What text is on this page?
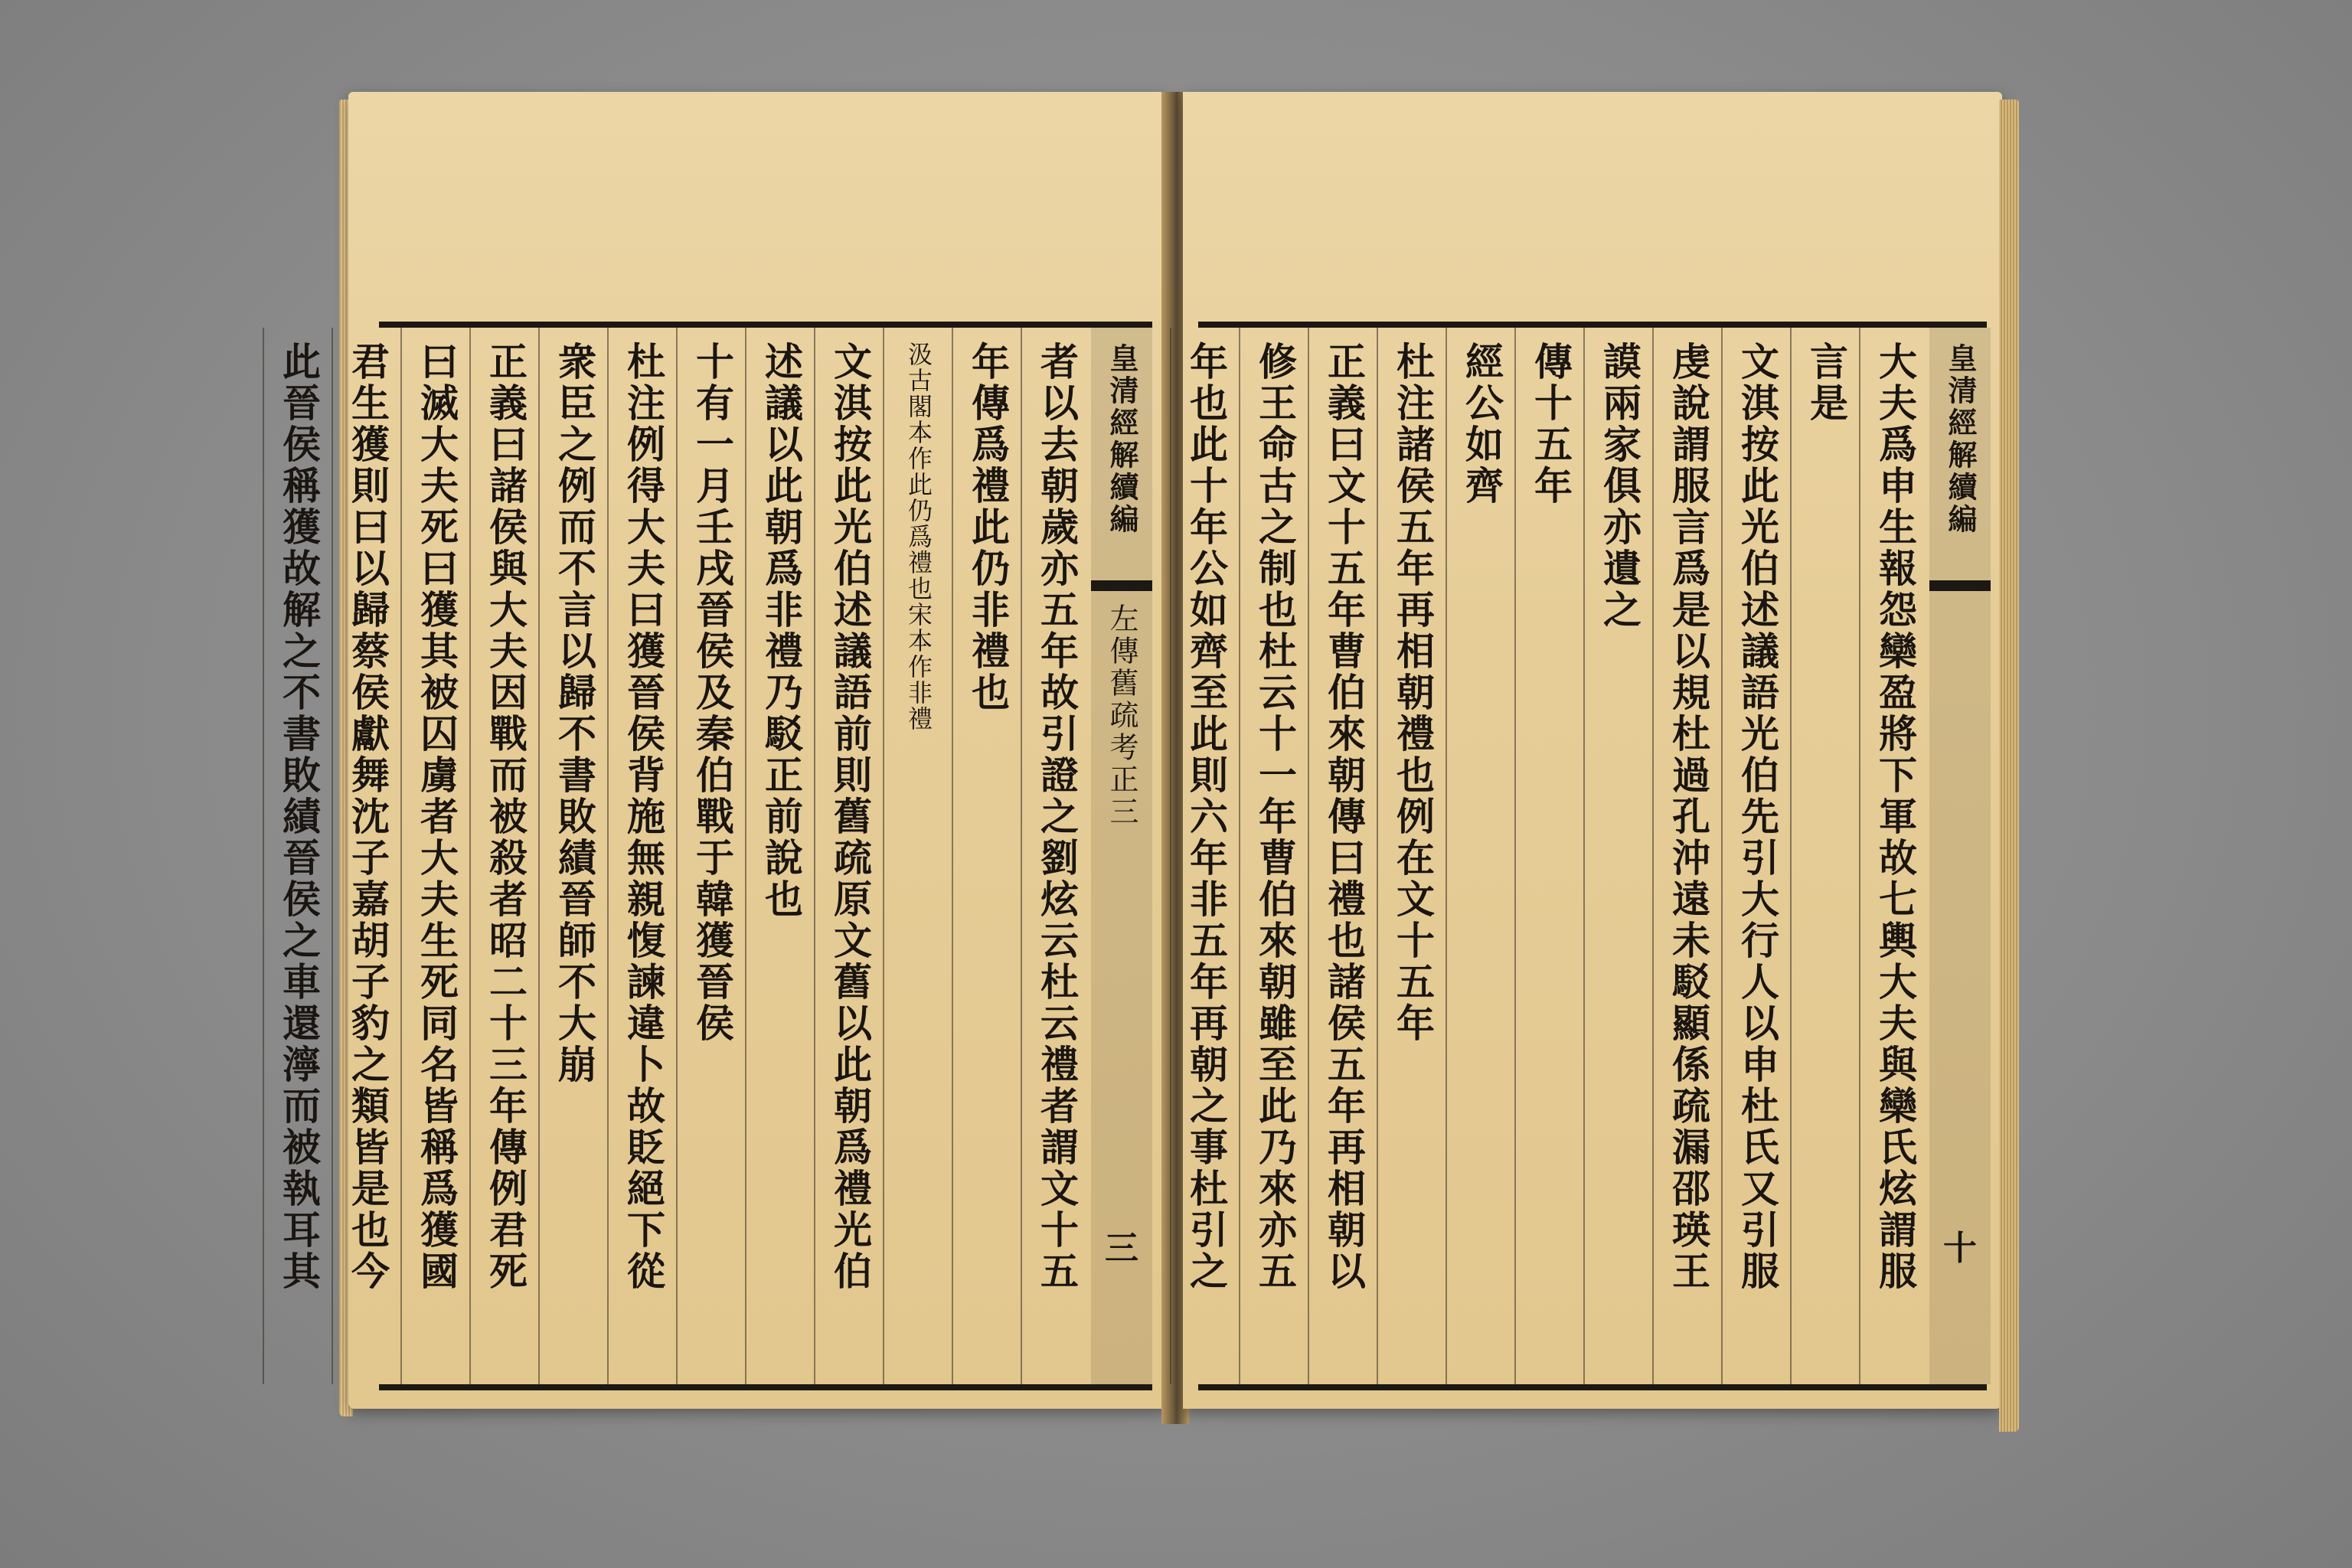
皇清經解續編
左傳舊疏考正三
三
者以去朝歲亦五年故引證之劉炫云杜云禮者謂文十五
年傳爲禮此仍非禮也
汲古閣本作此仍爲禮也宋本作非禮
文淇按此光伯述議語前則舊疏原文舊以此朝爲禮光伯
述議以此朝爲非禮乃駁正前說也
十有一月壬戌晉侯及秦伯戰于韓獲晉侯
杜注例得大夫曰獲晉侯背施無親愎諫違卜故貶絕下從
衆臣之例而不言以歸不書敗績晉師不大崩
正義曰諸侯與大夫因戰而被殺者昭二十三年傳例君死
曰滅大夫死曰獲其被囚虜者大夫生死同名皆稱爲獲國
君生獲則曰以歸蔡侯獻舞沈子嘉胡子豹之類皆是也今
此晉侯稱獲故解之不書敗績晉侯之車還濘而被執耳其	大夫爲申生報怨欒盈將下軍故七輿大夫與欒氏炫謂服
言是
文淇按此光伯述議語光伯先引大行人以申杜氏又引服
虔說謂服言爲是以規杜過孔沖遠未駁顯係疏漏邵瑛王
謨兩家俱亦遺之
傳十五年
經公如齊
杜注諸侯五年再相朝禮也例在文十五年
正義曰文十五年曹伯來朝傳曰禮也諸侯五年再相朝以
修王命古之制也杜云十一年曹伯來朝雖至此乃來亦五
年也此十年公如齊至此則六年非五年再朝之事杜引之	皇清經解續編
十
